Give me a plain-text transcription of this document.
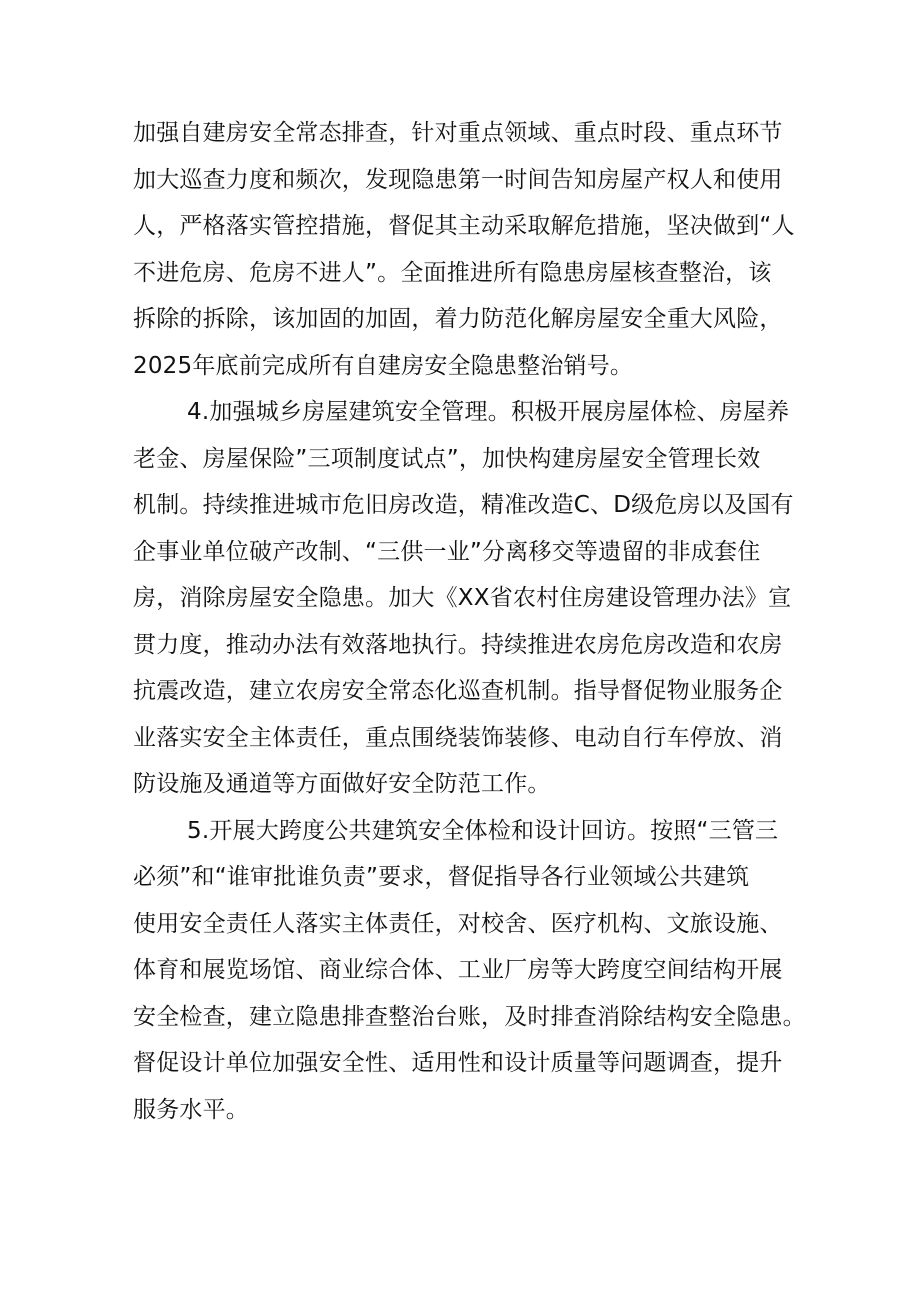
加强自建房安全常态排查，针对重点领域、重点时段、重点环节
加大巡查力度和频次，发现隐患第一时间告知房屋产权人和使用
人，严格落实管控措施，督促其主动采取解危措施，坚决做到“人
不进危房、危房不进人”。全面推进所有隐患房屋核查整治，该
拆除的拆除，该加固的加固，着力防范化解房屋安全重大风险，
2025年底前完成所有自建房安全隐患整治销号。
4.加强城乡房屋建筑安全管理。积极开展房屋体检、房屋养
老金、房屋保险”三项制度试点”，加快构建房屋安全管理长效
机制。持续推进城市危旧房改造，精准改造C、D级危房以及国有
企事业单位破产改制、“三供一业”分离移交等遗留的非成套住
房，消除房屋安全隐患。加大《XX省农村住房建设管理办法》宣
贯力度，推动办法有效落地执行。持续推进农房危房改造和农房
抗震改造，建立农房安全常态化巡查机制。指导督促物业服务企
业落实安全主体责任，重点围绕装饰装修、电动自行车停放、消
防设施及通道等方面做好安全防范工作。
5.开展大跨度公共建筑安全体检和设计回访。按照“三管三
必须”和“谁审批谁负责”要求，督促指导各行业领域公共建筑
使用安全责任人落实主体责任，对校舍、医疗机构、文旅设施、
体育和展览场馆、商业综合体、工业厂房等大跨度空间结构开展
安全检查，建立隐患排查整治台账，及时排查消除结构安全隐患。
督促设计单位加强安全性、适用性和设计质量等问题调查，提升
服务水平。
